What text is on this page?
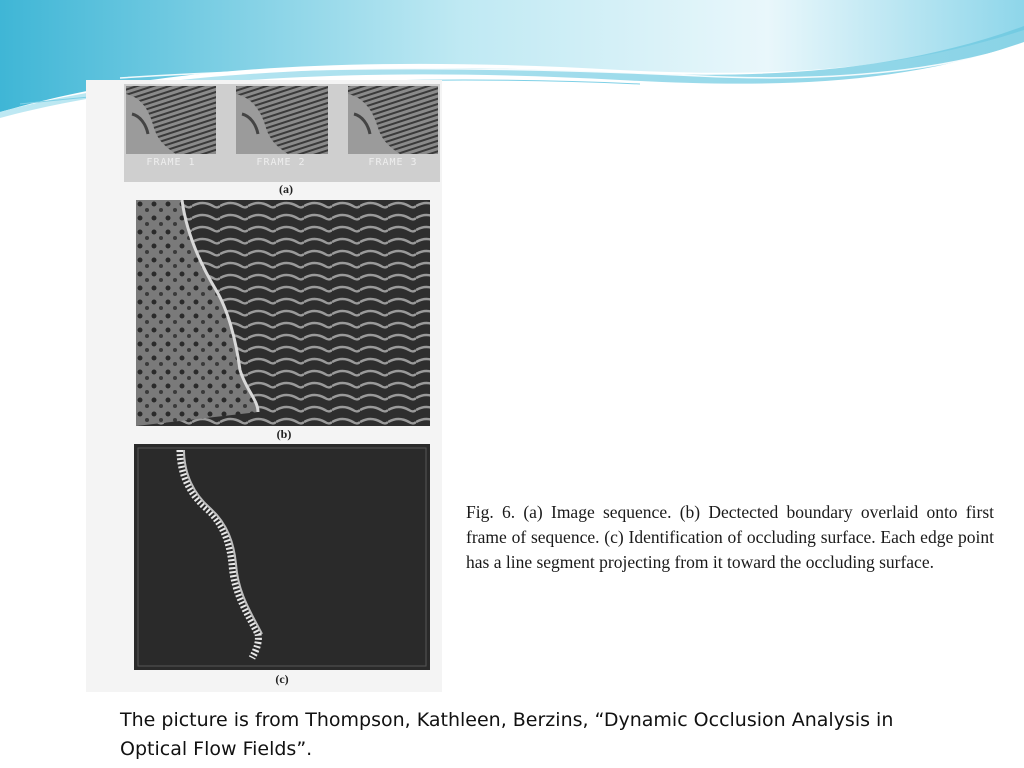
FRAME 1	FRAME 2	FRAME 3
(a)
(b)
(c)
Fig. 6. (a) Image sequence. (b) Dectected boundary overlaid onto first frame of sequence. (c) Identification of occluding surface. Each edge point has a line segment projecting from it toward the occluding surface.
The picture is from Thompson, Kathleen, Berzins, “Dynamic Occlusion Analysis in Optical Flow Fields”.
